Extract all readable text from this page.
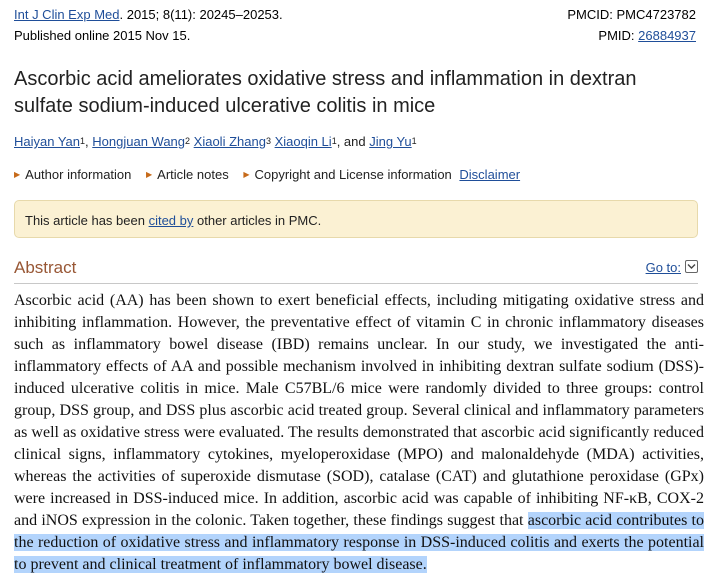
Int J Clin Exp Med. 2015; 8(11): 20245–20253.	PMCID: PMC4723782
Published online 2015 Nov 15.	PMID: 26884937
Ascorbic acid ameliorates oxidative stress and inflammation in dextran sulfate sodium-induced ulcerative colitis in mice
Haiyan Yan$^1$, Hongjuan Wang$^2$ Xiaoli Zhang$^3$ Xiaoqin Li$^1$, and Jing Yu$^1$
▶ Author information ▶ Article notes ▶ Copyright and License information Disclaimer
This article has been cited by other articles in PMC.
Abstract	Go to:
Ascorbic acid (AA) has been shown to exert beneficial effects, including mitigating oxidative stress and inhibiting inflammation. However, the preventative effect of vitamin C in chronic inflammatory diseases such as inflammatory bowel disease (IBD) remains unclear. In our study, we investigated the anti-inflammatory effects of AA and possible mechanism involved in inhibiting dextran sulfate sodium (DSS)-induced ulcerative colitis in mice. Male C57BL/6 mice were randomly divided to three groups: control group, DSS group, and DSS plus ascorbic acid treated group. Several clinical and inflammatory parameters as well as oxidative stress were evaluated. The results demonstrated that ascorbic acid significantly reduced clinical signs, inflammatory cytokines, myeloperoxidase (MPO) and malonaldehyde (MDA) activities, whereas the activities of superoxide dismutase (SOD), catalase (CAT) and glutathione peroxidase (GPx) were increased in DSS-induced mice. In addition, ascorbic acid was capable of inhibiting NF-κB, COX-2 and iNOS expression in the colonic. Taken together, these findings suggest that ascorbic acid contributes to the reduction of oxidative stress and inflammatory response in DSS-induced colitis and exerts the potential to prevent and clinical treatment of inflammatory bowel disease.
